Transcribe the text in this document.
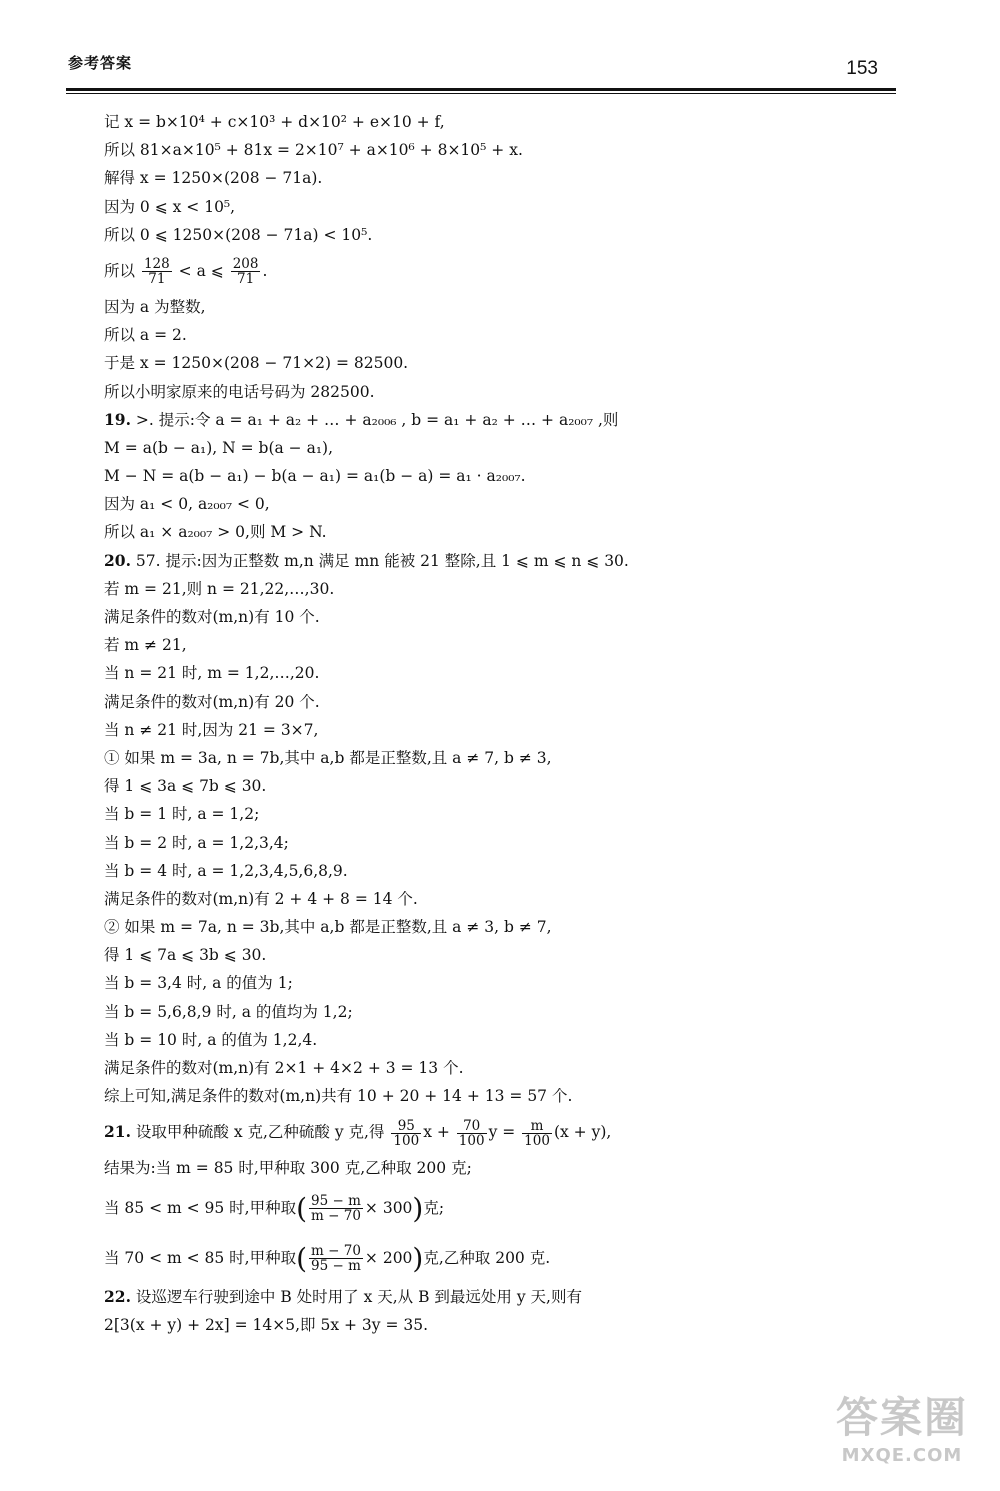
参考答案	153
记 x = b×10⁴ + c×10³ + d×10² + e×10 + f,
所以 81×a×10⁵ + 81x = 2×10⁷ + a×10⁶ + 8×10⁵ + x.
解得 x = 1250×(208 − 71a).
因为 0 ⩽ x < 10⁵,
所以 0 ⩽ 1250×(208 − 71a) < 10⁵.
所以 $\frac{128}{71} < a$ ⩽ $\frac{208}{71}$ .
因为 a 为整数,
所以 a = 2.
于是 x = 1250×(208 − 71×2) = 82500.
所以小明家原来的电话号码为 282500.
19. >. 提示:令 a = a₁ + a₂ + … + a₂₀₀₆ , b = a₁ + a₂ + … + a₂₀₀₇ ,则
M = a(b − a₁), N = b(a − a₁),
M − N = a(b − a₁) − b(a − a₁) = a₁(b − a) = a₁ · a₂₀₀₇.
因为 a₁ < 0, a₂₀₀₇ < 0,
所以 a₁ × a₂₀₀₇ > 0,则 M > N.
20. 57. 提示:因为正整数 m,n 满足 mn 能被 21 整除,且 1 ⩽ m ⩽ n ⩽ 30.
若 m = 21,则 n = 21,22,…,30.
满足条件的数对(m,n)有 10 个.
若 m ≠ 21,
当 n = 21 时, m = 1,2,…,20.
满足条件的数对(m,n)有 20 个.
当 n ≠ 21 时,因为 21 = 3×7,
① 如果 m = 3a, n = 7b,其中 a,b 都是正整数,且 a ≠ 7, b ≠ 3,
得 1 ⩽ 3a ⩽ 7b ⩽ 30.
当 b = 1 时, a = 1,2;
当 b = 2 时, a = 1,2,3,4;
当 b = 4 时, a = 1,2,3,4,5,6,8,9.
满足条件的数对(m,n)有 2 + 4 + 8 = 14 个.
② 如果 m = 7a, n = 3b,其中 a,b 都是正整数,且 a ≠ 3, b ≠ 7,
得 1 ⩽ 7a ⩽ 3b ⩽ 30.
当 b = 3,4 时, a 的值为 1;
当 b = 5,6,8,9 时, a 的值均为 1,2;
当 b = 10 时, a 的值为 1,2,4.
满足条件的数对(m,n)有 2×1 + 4×2 + 3 = 13 个.
综上可知,满足条件的数对(m,n)共有 10 + 20 + 14 + 13 = 57 个.
21. 设取甲种硫酸 x 克,乙种硫酸 y 克,得 $\frac{95}{100}$ $x + \frac{70}{100}$ $y = \frac{m}{100} (x + y)$,
结果为:当 m = 85 时,甲种取 300 克,乙种取 200 克;
当 85 < m < 95 时,甲种取( $\frac{95 - m}{m - 70} \times 300$)克;
当 70 < m < 85 时,甲种取( $\frac{m - 70}{95 - m} \times 200$)克,乙种取 200 克.
22. 设巡逻车行驶到途中 B 处时用了 x 天,从 B 到最远处用 y 天,则有
2[3(x + y) + 2x] = 14×5,即 5x + 3y = 35.
答案圈
MXQE.COM
